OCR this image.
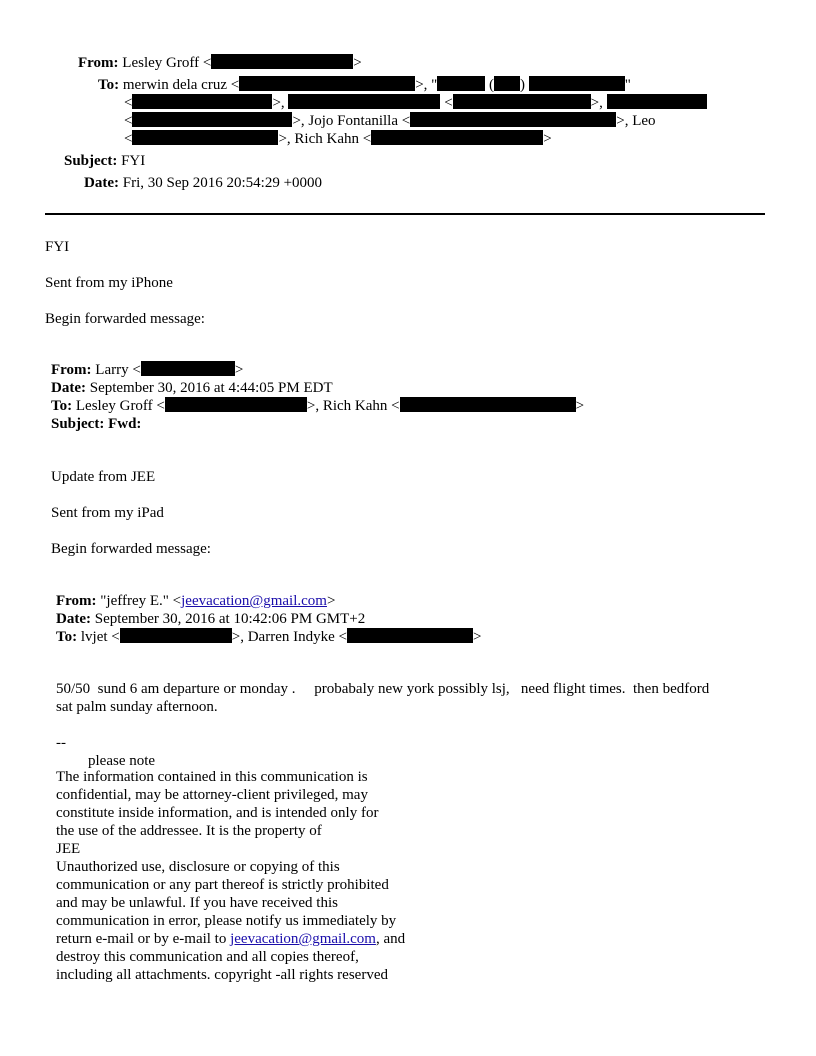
From: Lesley Groff <	>
To: merwin dela cruz <	>, "	( )	"
<	>,	<	>,
<	>, Jojo Fontanilla <	>, Leo
<	>, Rich Kahn <	>
Subject: FYI
Date: Fri, 30 Sep 2016 20:54:29 +0000
FYI
Sent from my iPhone
Begin forwarded message:
From: Larry <	>
Date: September 30, 2016 at 4:44:05 PM EDT
To: Lesley Groff <	>, Rich Kahn <	>
Subject: Fwd:
Update from JEE
Sent from my iPad
Begin forwarded message:
From: "jeffrey E." <jeevacation@gmail.com>
Date: September 30, 2016 at 10:42:06 PM GMT+2
To: lvjet <	>, Darren Indyke <	>
50/50  sund 6 am departure or monday .     probabaly new york possibly lsj,   need flight times.  then bedford
sat palm sunday afternoon.
--
please note
The information contained in this communication is
confidential, may be attorney-client privileged, may
constitute inside information, and is intended only for
the use of the addressee. It is the property of
JEE
Unauthorized use, disclosure or copying of this
communication or any part thereof is strictly prohibited
and may be unlawful. If you have received this
communication in error, please notify us immediately by
return e-mail or by e-mail to jeevacation@gmail.com, and
destroy this communication and all copies thereof,
including all attachments. copyright -all rights reserved
